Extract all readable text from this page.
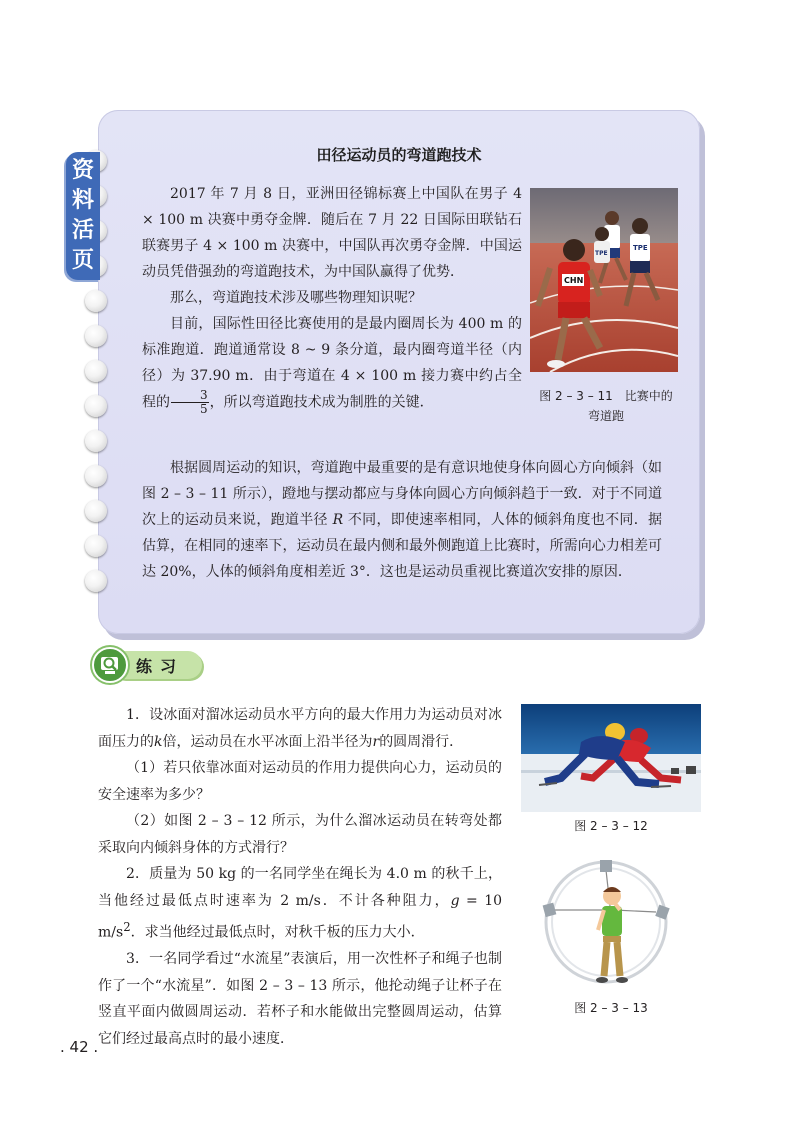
资
料
活
页
田径运动员的弯道跑技术

2017 年 7 月 8 日，亚洲田径锦标赛上中国队在男子 4 × 100 m 决赛中勇夺金牌．随后在 7 月 22 日国际田联钻石联赛男子 4 × 100 m 决赛中，中国队再次勇夺金牌．中国运动员凭借强劲的弯道跑技术，为中国队赢得了优势．

那么，弯道跑技术涉及哪些物理知识呢？

目前，国际性田径比赛使用的是最内圈周长为 400 m 的标准跑道．跑道通常设 8 ~ 9 条分道，最内圈弯道半径（内径）为 37.90 m．由于弯道在 4 × 100 m 接力赛中约占全程的 $\frac{3}{5}$ ，所以弯道跑技术成为制胜的关键．

TPE
TPE
CHN
图 2 – 3 – 11　比赛中的
弯道跑

根据圆周运动的知识，弯道跑中最重要的是有意识地使身体向圆心方向倾斜（如图 2 – 3 – 11 所示），蹬地与摆动都应与身体向圆心方向倾斜趋于一致．对于不同道次上的运动员来说，跑道半径 R 不同，即使速率相同，人体的倾斜角度也不同．据估算，在相同的速率下，运动员在最内侧和最外侧跑道上比赛时，所需向心力相差可达 20%，人体的倾斜角度相差近 3°．这也是运动员重视比赛道次安排的原因．

练习

1．设冰面对溜冰运动员水平方向的最大作用力为运动员对冰面压力的k倍，运动员在水平冰面上沿半径为r的圆周滑行．

（1）若只依靠冰面对运动员的作用力提供向心力，运动员的安全速率为多少？

（2）如图 2 – 3 – 12 所示，为什么溜冰运动员在转弯处都采取向内倾斜身体的方式滑行？

2．质量为 50 kg 的一名同学坐在绳长为 4.0 m 的秋千上，当他经过最低点时速率为 2 m/s．不计各种阻力，g = 10 $m/s^2$．求当他经过最低点时，对秋千板的压力大小．

3．一名同学看过“水流星”表演后，用一次性杯子和绳子也制作了一个“水流星”．如图 2 – 3 – 13 所示，他抡动绳子让杯子在竖直平面内做圆周运动．若杯子和水能做出完整圆周运动，估算它们经过最高点时的最小速度．

图 2 – 3 – 12
图 2 – 3 – 13
. 42 .
